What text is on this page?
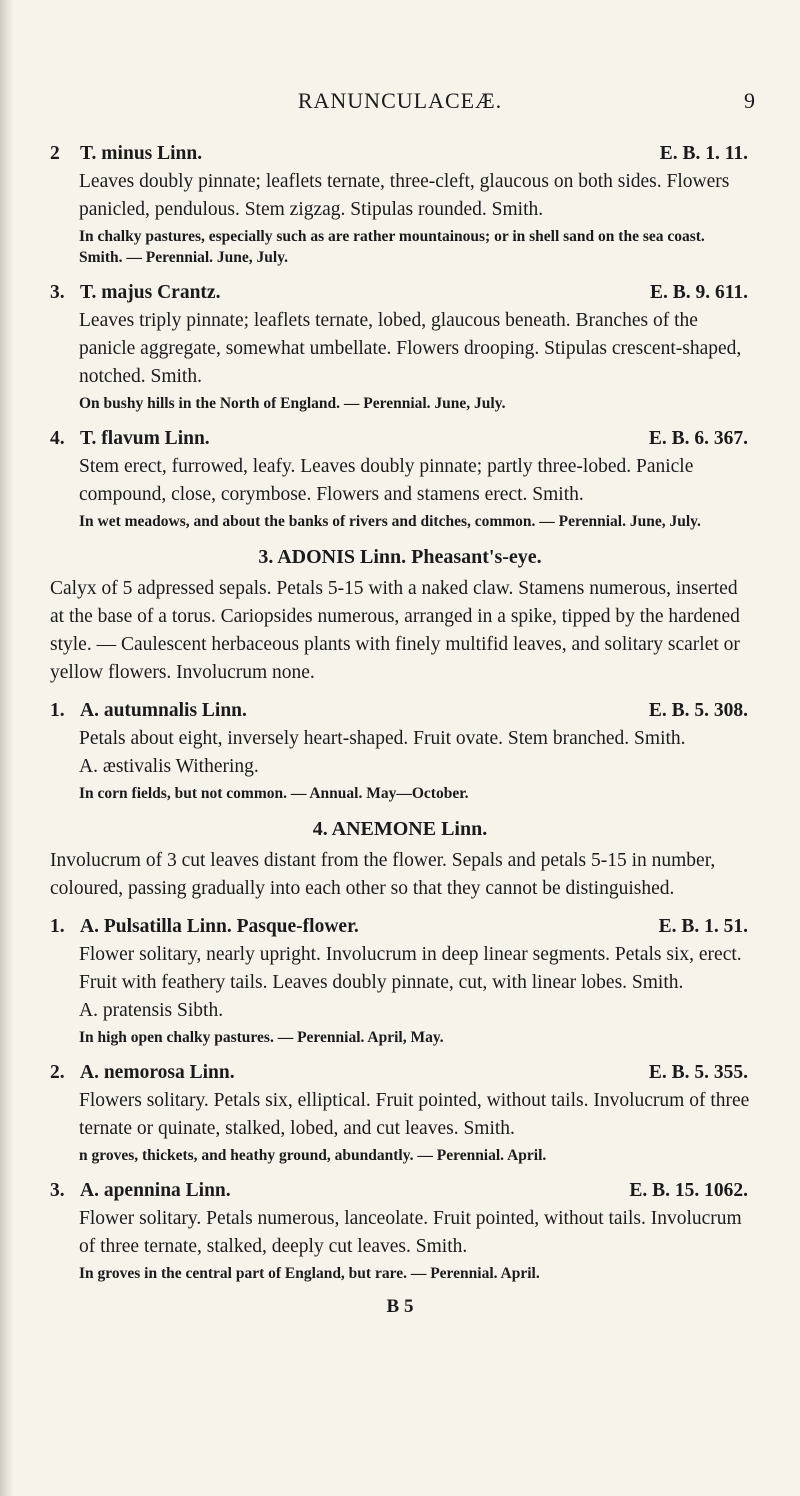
RANUNCULACEÆ.	9
2 T. minus Linn.	E. B. 1. 11.
Leaves doubly pinnate; leaflets ternate, three-cleft, glaucous on both sides. Flowers panicled, pendulous. Stem zigzag. Stipulas rounded. Smith.
In chalky pastures, especially such as are rather mountainous; or in shell sand on the sea coast. Smith. — Perennial. June, July.
3. T. majus Crantz.	E. B. 9. 611.
Leaves triply pinnate; leaflets ternate, lobed, glaucous beneath. Branches of the panicle aggregate, somewhat umbellate. Flowers drooping. Stipulas crescent-shaped, notched. Smith.
On bushy hills in the North of England. — Perennial. June, July.
4. T. flavum Linn.	E. B. 6. 367.
Stem erect, furrowed, leafy. Leaves doubly pinnate; partly three-lobed. Panicle compound, close, corymbose. Flowers and stamens erect. Smith.
In wet meadows, and about the banks of rivers and ditches, common. — Perennial. June, July.
3. ADONIS Linn. Pheasant's-eye.
Calyx of 5 adpressed sepals. Petals 5-15 with a naked claw. Stamens numerous, inserted at the base of a torus. Cariopsides numerous, arranged in a spike, tipped by the hardened style. — Caulescent herbaceous plants with finely multifid leaves, and solitary scarlet or yellow flowers. Involucrum none.
1. A. autumnalis Linn.	E. B. 5. 308.
Petals about eight, inversely heart-shaped. Fruit ovate. Stem branched. Smith.
A. æstivalis Withering.
In corn fields, but not common. — Annual. May—October.
4. ANEMONE Linn.
Involucrum of 3 cut leaves distant from the flower. Sepals and petals 5-15 in number, coloured, passing gradually into each other so that they cannot be distinguished.
1. A. Pulsatilla Linn. Pasque-flower.	E. B. 1. 51.
Flower solitary, nearly upright. Involucrum in deep linear segments. Petals six, erect. Fruit with feathery tails. Leaves doubly pinnate, cut, with linear lobes. Smith.
A. pratensis Sibth.
In high open chalky pastures. — Perennial. April, May.
2. A. nemorosa Linn.	E. B. 5. 355.
Flowers solitary. Petals six, elliptical. Fruit pointed, without tails. Involucrum of three ternate or quinate, stalked, lobed, and cut leaves. Smith.
n groves, thickets, and heathy ground, abundantly. — Perennial. April.
3. A. apennina Linn.	E. B. 15. 1062.
Flower solitary. Petals numerous, lanceolate. Fruit pointed, without tails. Involucrum of three ternate, stalked, deeply cut leaves. Smith.
In groves in the central part of England, but rare. — Perennial. April.
B 5
